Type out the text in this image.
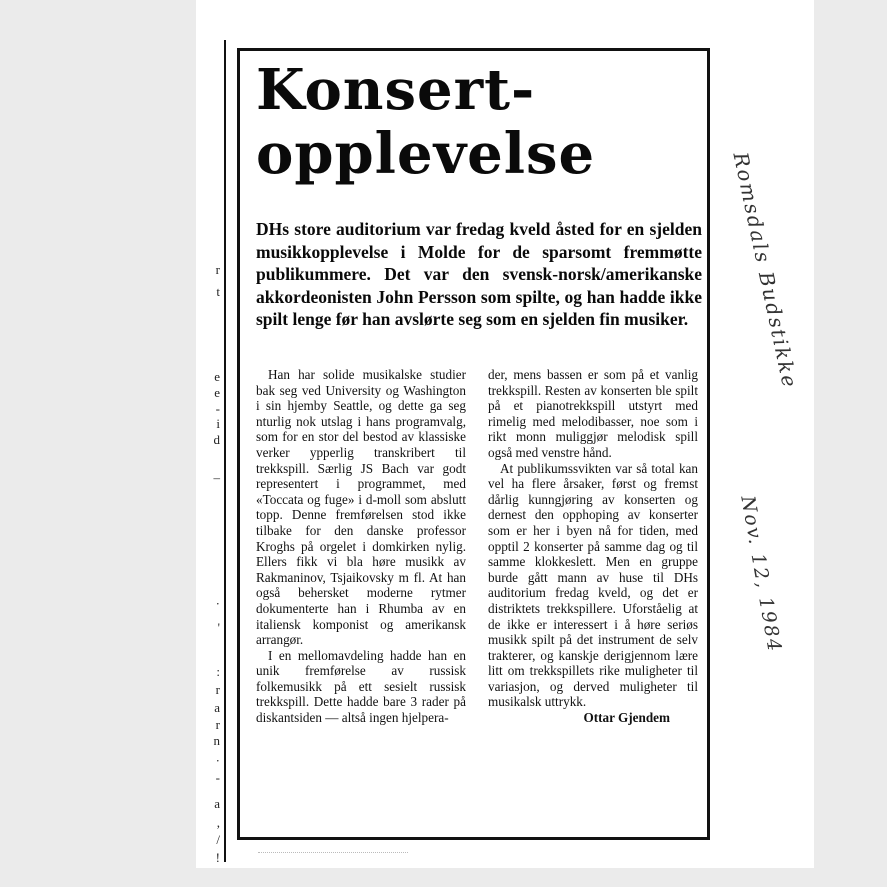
r
t
e
e
-
i
d
–
·
'
:
r
a
r
n
·
-
a
,
/
!
Konsert-
opplevelse

DHs store auditorium var fredag kveld åsted for en sjelden musikkopplevelse i Molde for de sparsomt fremmøtte publikummere. Det var den svensk-norsk/amerikanske akkordeonisten John Persson som spilte, og han hadde ikke spilt lenge før han avslørte seg som en sjelden fin musiker.

Han har solide musikalske studier bak seg ved University og Washington i sin hjemby Seattle, og dette ga seg nturlig nok utslag i hans programvalg, som for en stor del bestod av klassiske verker ypperlig transkribert til trekkspill. Særlig JS Bach var godt representert i programmet, med «Toccata og fuge» i d-moll som abslutt topp. Denne fremførelsen stod ikke tilbake for den danske professor Kroghs på orgelet i domkirken nylig. Ellers fikk vi bla høre musikk av Rakmaninov, Tsjaikovsky m fl. At han også behersket moderne rytmer dokumenterte han i Rhumba av en italiensk komponist og amerikansk arrangør.

I en mellomavdeling hadde han en unik fremførelse av russisk folkemusikk på ett sesielt russisk trekkspill. Dette hadde bare 3 rader på diskantsiden — altså ingen hjelpera-

der, mens bassen er som på et vanlig trekkspill. Resten av konserten ble spilt på et pianotrekkspill utstyrt med rimelig med melodibasser, noe som i rikt monn muliggjør melodisk spill også med venstre hånd.

At publikumssvikten var så total kan vel ha flere årsaker, først og fremst dårlig kunngjøring av konserten og dernest den opphoping av konserter som er her i byen nå for tiden, med opptil 2 konserter på samme dag og til samme klokkeslett. Men en gruppe burde gått mann av huse til DHs auditorium fredag kveld, og det er distriktets trekkspillere. Uforståelig at de ikke er interessert i å høre seriøs musikk spilt på det instrument de selv trakterer, og kanskje derigjennom lære litt om trekkspillets rike muligheter til variasjon, og derved muligheter til musikalsk uttrykk.

Ottar Gjendem

Romsdals Budstikke
Nov. 12, 1984
